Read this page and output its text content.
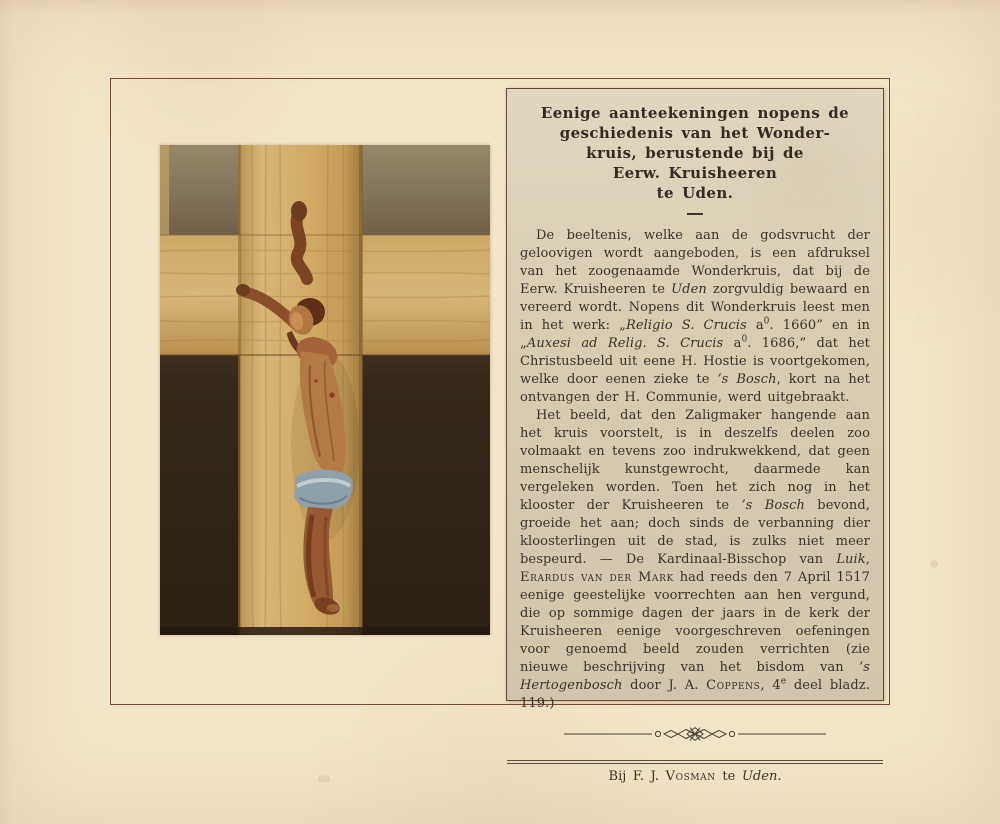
Eenige aanteekeningen nopens de
geschiedenis van het Wonder-
kruis, berustende bij de
Eerw. Kruisheeren
te Uden.

De beeltenis, welke aan de godsvrucht der geloovigen wordt aangeboden, is een afdruksel van het zoogenaamde Wonderkruis, dat bij de Eerw. Kruisheeren te Uden zorgvuldig bewaard en vereerd wordt. Nopens dit Wonderkruis leest men in het werk: „Religio S. Crucis $a^0$. 1660” en in „Auxesi ad Relig. S. Crucis $a^0$. 1686,” dat het Christusbeeld uit eene H. Hostie is voortgekomen, welke door eenen zieke te ’s Bosch, kort na het ontvangen der H. Communie, werd uitgebraakt.

Het beeld, dat den Zaligmaker hangende aan het kruis voorstelt, is in deszelfs deelen zoo volmaakt en tevens zoo indrukwekkend, dat geen menschelijk kunstgewrocht, daarmede kan vergeleken worden. Toen het zich nog in het klooster der Kruisheeren te ’s Bosch bevond, groeide het aan; doch sinds de verbanning dier kloosterlingen uit de stad, is zulks niet meer bespeurd. — De Kardinaal-Bisschop van Luik, Erardus van der Mark had reeds den 7 April 1517 eenige geestelijke voorrechten aan hen vergund, die op sommige dagen der jaars in de kerk der Kruisheeren eenige voorgeschreven oefeningen voor genoemd beeld zouden verrichten (zie nieuwe beschrijving van het bisdom van ’s Hertogenbosch door J. A. Coppens, 4e deel bladz. 119.)

Bij F. J. Vosman te Uden.
